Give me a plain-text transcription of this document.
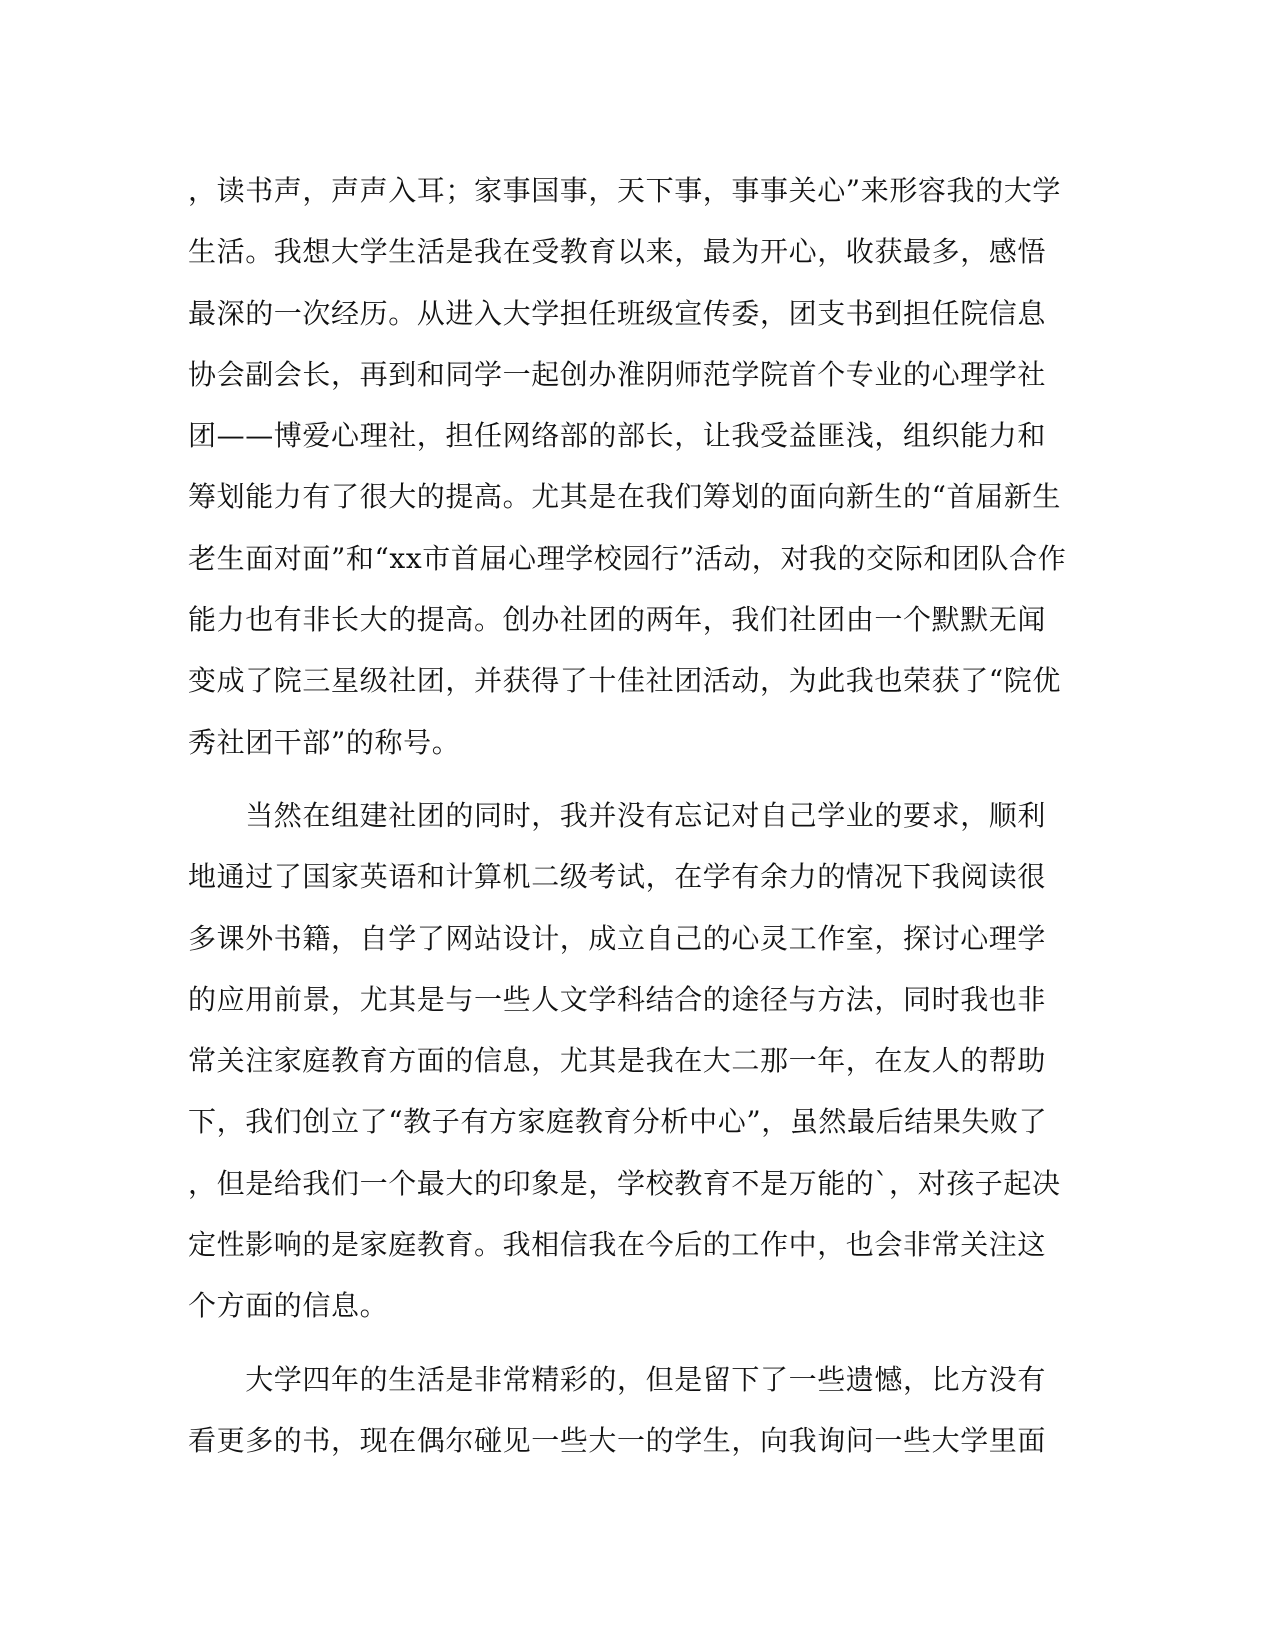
，读书声，声声入耳；家事国事，天下事，事事关心”来形容我的大学
生活。我想大学生活是我在受教育以来，最为开心，收获最多，感悟
最深的一次经历。从进入大学担任班级宣传委，团支书到担任院信息
协会副会长，再到和同学一起创办淮阴师范学院首个专业的心理学社
团——博爱心理社，担任网络部的部长，让我受益匪浅，组织能力和
筹划能力有了很大的提高。尤其是在我们筹划的面向新生的“首届新生
老生面对面”和“xx市首届心理学校园行”活动，对我的交际和团队合作
能力也有非长大的提高。创办社团的两年，我们社团由一个默默无闻
变成了院三星级社团，并获得了十佳社团活动，为此我也荣获了“院优
秀社团干部”的称号。
　　当然在组建社团的同时，我并没有忘记对自己学业的要求，顺利
地通过了国家英语和计算机二级考试，在学有余力的情况下我阅读很
多课外书籍，自学了网站设计，成立自己的心灵工作室，探讨心理学
的应用前景，尤其是与一些人文学科结合的途径与方法，同时我也非
常关注家庭教育方面的信息，尤其是我在大二那一年，在友人的帮助
下，我们创立了“教子有方家庭教育分析中心”，虽然最后结果失败了
，但是给我们一个最大的印象是，学校教育不是万能的`，对孩子起决
定性影响的是家庭教育。我相信我在今后的工作中，也会非常关注这
个方面的信息。
　　大学四年的生活是非常精彩的，但是留下了一些遗憾，比方没有
看更多的书，现在偶尔碰见一些大一的学生，向我询问一些大学里面
